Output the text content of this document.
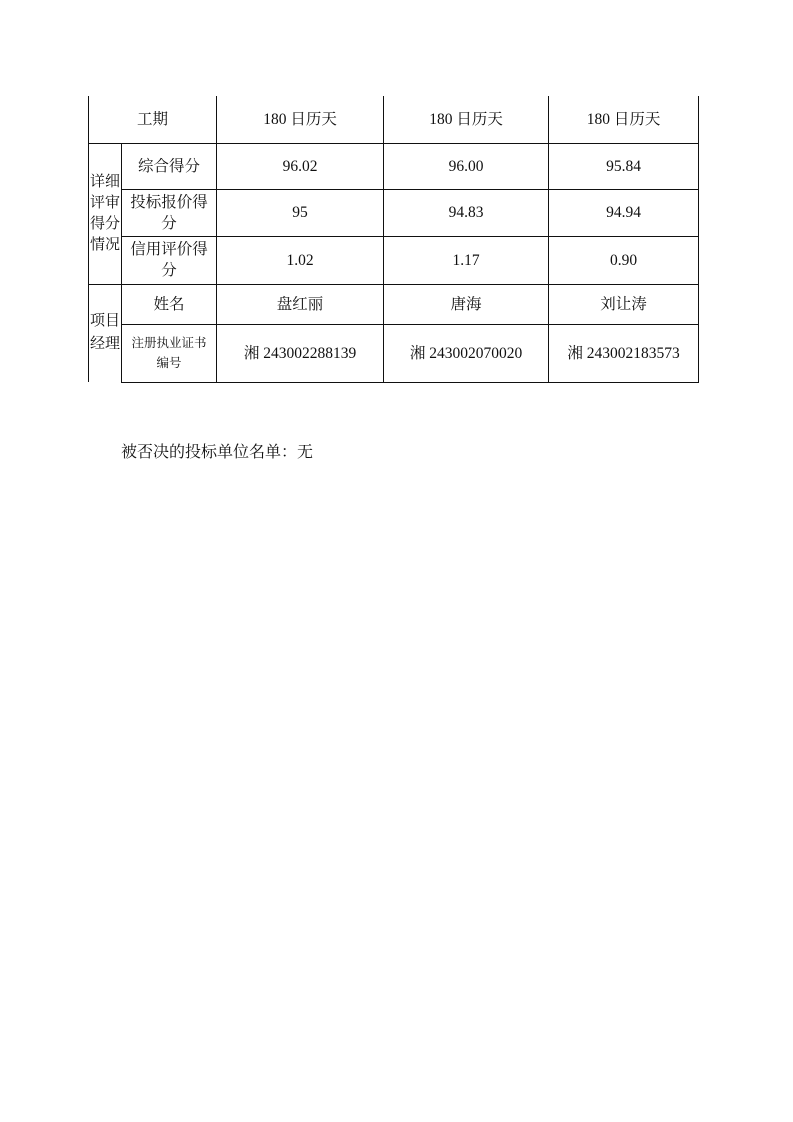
工期		180 日历天	180 日历天	180 日历天
详细评审得分情况	综合得分	96.02	96.00	95.84
	投标报价得分	95	94.83	94.94
	信用评价得分	1.02	1.17	0.90
项目经理	姓名	盘红丽	唐海	刘让涛
	注册执业证书编号	湘 243002288139	湘 243002070020	湘 243002183573

被否决的投标单位名单：无
